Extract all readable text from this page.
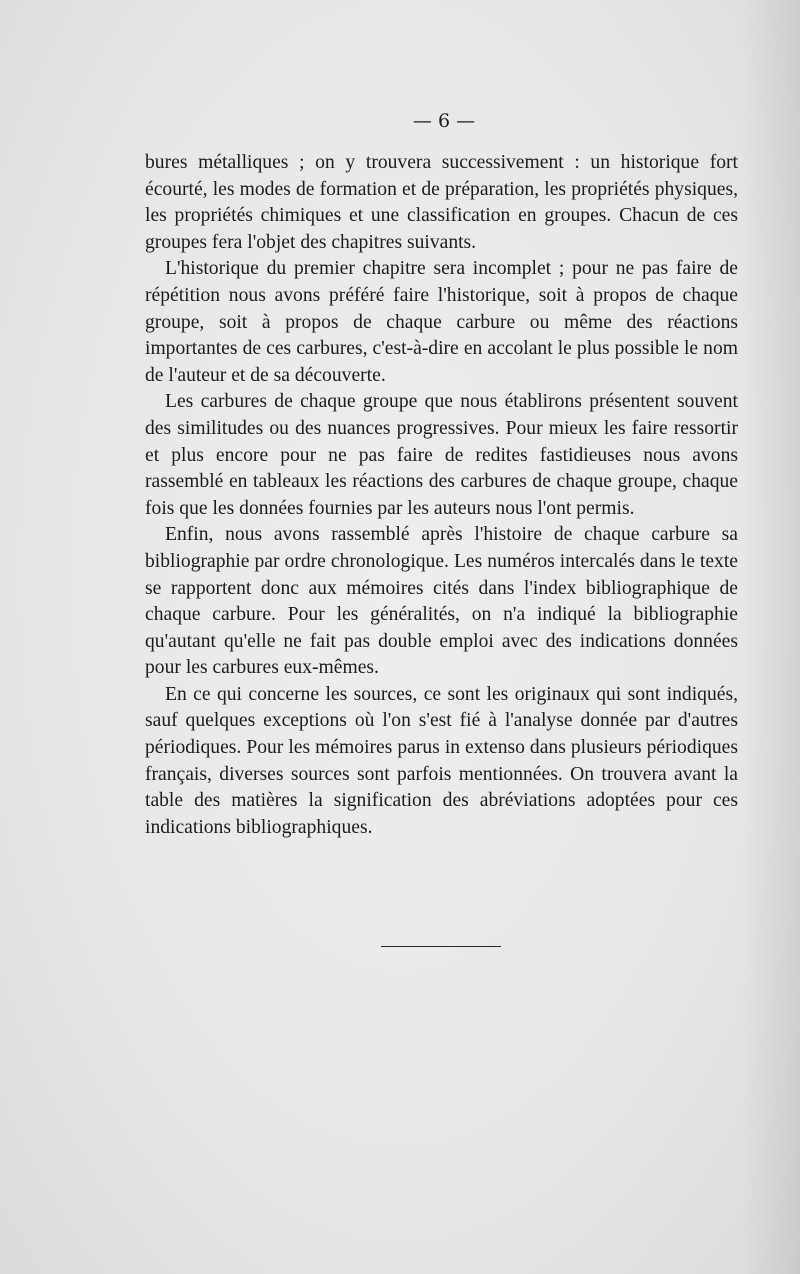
— 6 —

bures métalliques ; on y trouvera successivement : un historique fort écourté, les modes de formation et de préparation, les propriétés physiques, les propriétés chimiques et une classification en groupes. Chacun de ces groupes fera l'objet des chapitres suivants.

L'historique du premier chapitre sera incomplet ; pour ne pas faire de répétition nous avons préféré faire l'historique, soit à propos de chaque groupe, soit à propos de chaque carbure ou même des réactions importantes de ces carbures, c'est-à-dire en accolant le plus possible le nom de l'auteur et de sa découverte.

Les carbures de chaque groupe que nous établirons présentent souvent des similitudes ou des nuances progressives. Pour mieux les faire ressortir et plus encore pour ne pas faire de redites fastidieuses nous avons rassemblé en tableaux les réactions des carbures de chaque groupe, chaque fois que les données fournies par les auteurs nous l'ont permis.

Enfin, nous avons rassemblé après l'histoire de chaque carbure sa bibliographie par ordre chronologique. Les numéros intercalés dans le texte se rapportent donc aux mémoires cités dans l'index bibliographique de chaque carbure. Pour les généralités, on n'a indiqué la bibliographie qu'autant qu'elle ne fait pas double emploi avec des indications données pour les carbures eux-mêmes.

En ce qui concerne les sources, ce sont les originaux qui sont indiqués, sauf quelques exceptions où l'on s'est fié à l'analyse donnée par d'autres périodiques. Pour les mémoires parus in extenso dans plusieurs périodiques français, diverses sources sont parfois mentionnées. On trouvera avant la table des matières la signification des abréviations adoptées pour ces indications bibliographiques.
